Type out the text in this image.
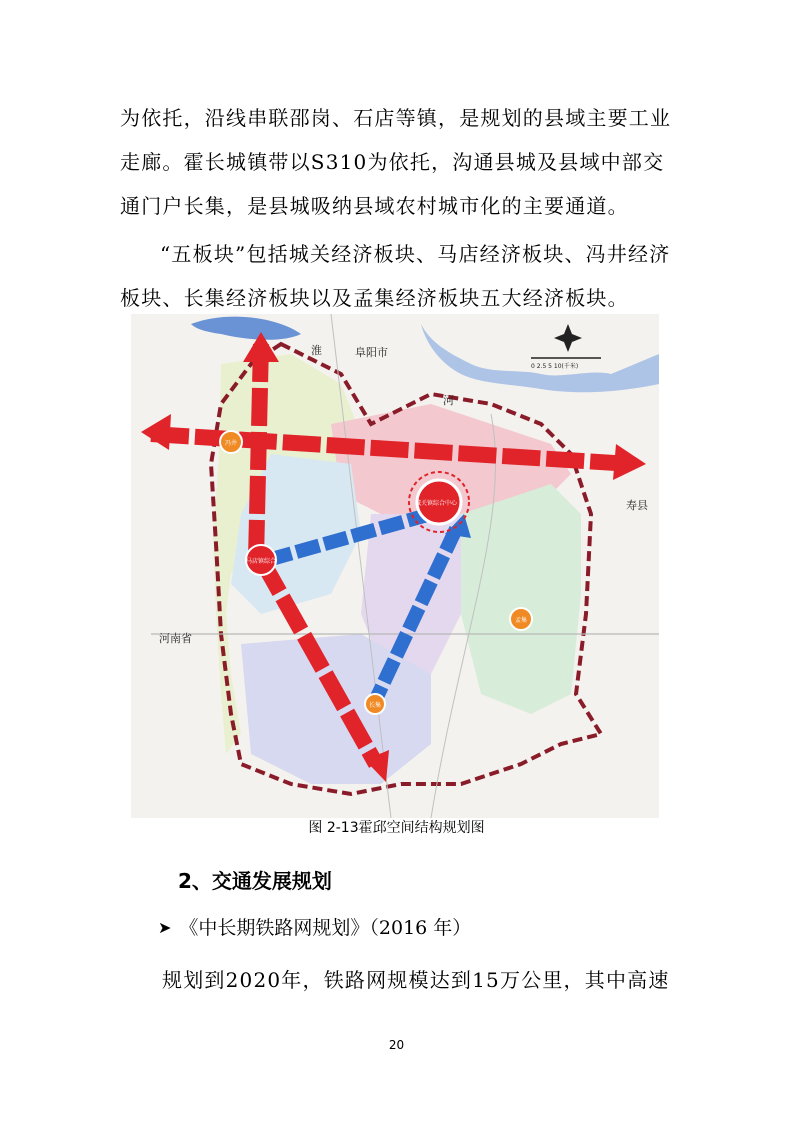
为依托，沿线串联邵岗、石店等镇，是规划的县域主要工业走廊。霍长城镇带以S310为依托，沟通县城及县域中部交通门户长集，是县城吸纳县域农村城市化的主要通道。

“五板块”包括城关经济板块、马店经济板块、冯井经济板块、长集经济板块以及孟集经济板块五大经济板块。

阜阳市
寿县
河南省
淮
河
城关镇综合中心
马店镇综合
冯井
孟集
长集
0 2.5 5 10(千米)
图 2-13霍邱空间结构规划图
2、交通发展规划
➤ 《中长期铁路网规划》（2016 年）

规划到2020年，铁路网规模达到15万公里，其中高速

20
